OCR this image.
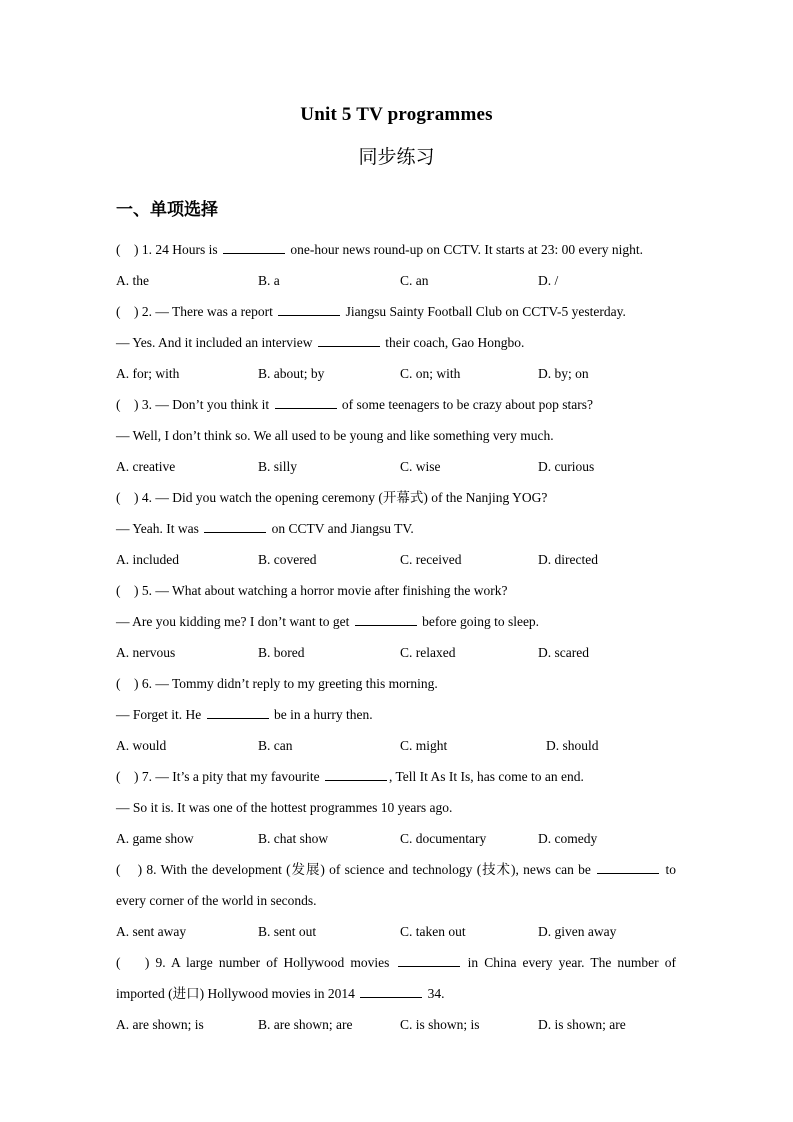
Unit 5 TV programmes
同步练习
一、单项选择
(    ) 1. 24 Hours is	one-hour news round-up on CCTV. It starts at 23: 00 every night.
A. the	B. a	C. an	D. /
(    ) 2. — There was a report	Jiangsu Sainty Football Club on CCTV-5 yesterday.
— Yes. And it included an interview	their coach, Gao Hongbo.
A. for; with	B. about; by	C. on; with	D. by; on
(    ) 3. — Don’t you think it	of some teenagers to be crazy about pop stars?
— Well, I don’t think so. We all used to be young and like something very much.
A. creative	B. silly	C. wise	D. curious
(    ) 4. — Did you watch the opening ceremony (开幕式) of the Nanjing YOG?
— Yeah. It was	on CCTV and Jiangsu TV.
A. included	B. covered	C. received	D. directed
(    ) 5. — What about watching a horror movie after finishing the work?
— Are you kidding me? I don’t want to get	before going to sleep.
A. nervous	B. bored	C. relaxed	D. scared
(    ) 6. — Tommy didn’t reply to my greeting this morning.
— Forget it. He	be in a hurry then.
A. would	B. can	C. might	D. should
(    ) 7. — It’s a pity that my favourite	, Tell It As It Is, has come to an end.
— So it is. It was one of the hottest programmes 10 years ago.
A. game show	B. chat show	C. documentary	D. comedy
(    ) 8. With the development (发展) of science and technology (技术), news can be	to every corner of the world in seconds.
A. sent away	B. sent out	C. taken out	D. given away
(    ) 9. A large number of Hollywood movies	in China every year. The number of imported (进口) Hollywood movies in 2014	34.
A. are shown; is	B. are shown; are	C. is shown; is	D. is shown; are
